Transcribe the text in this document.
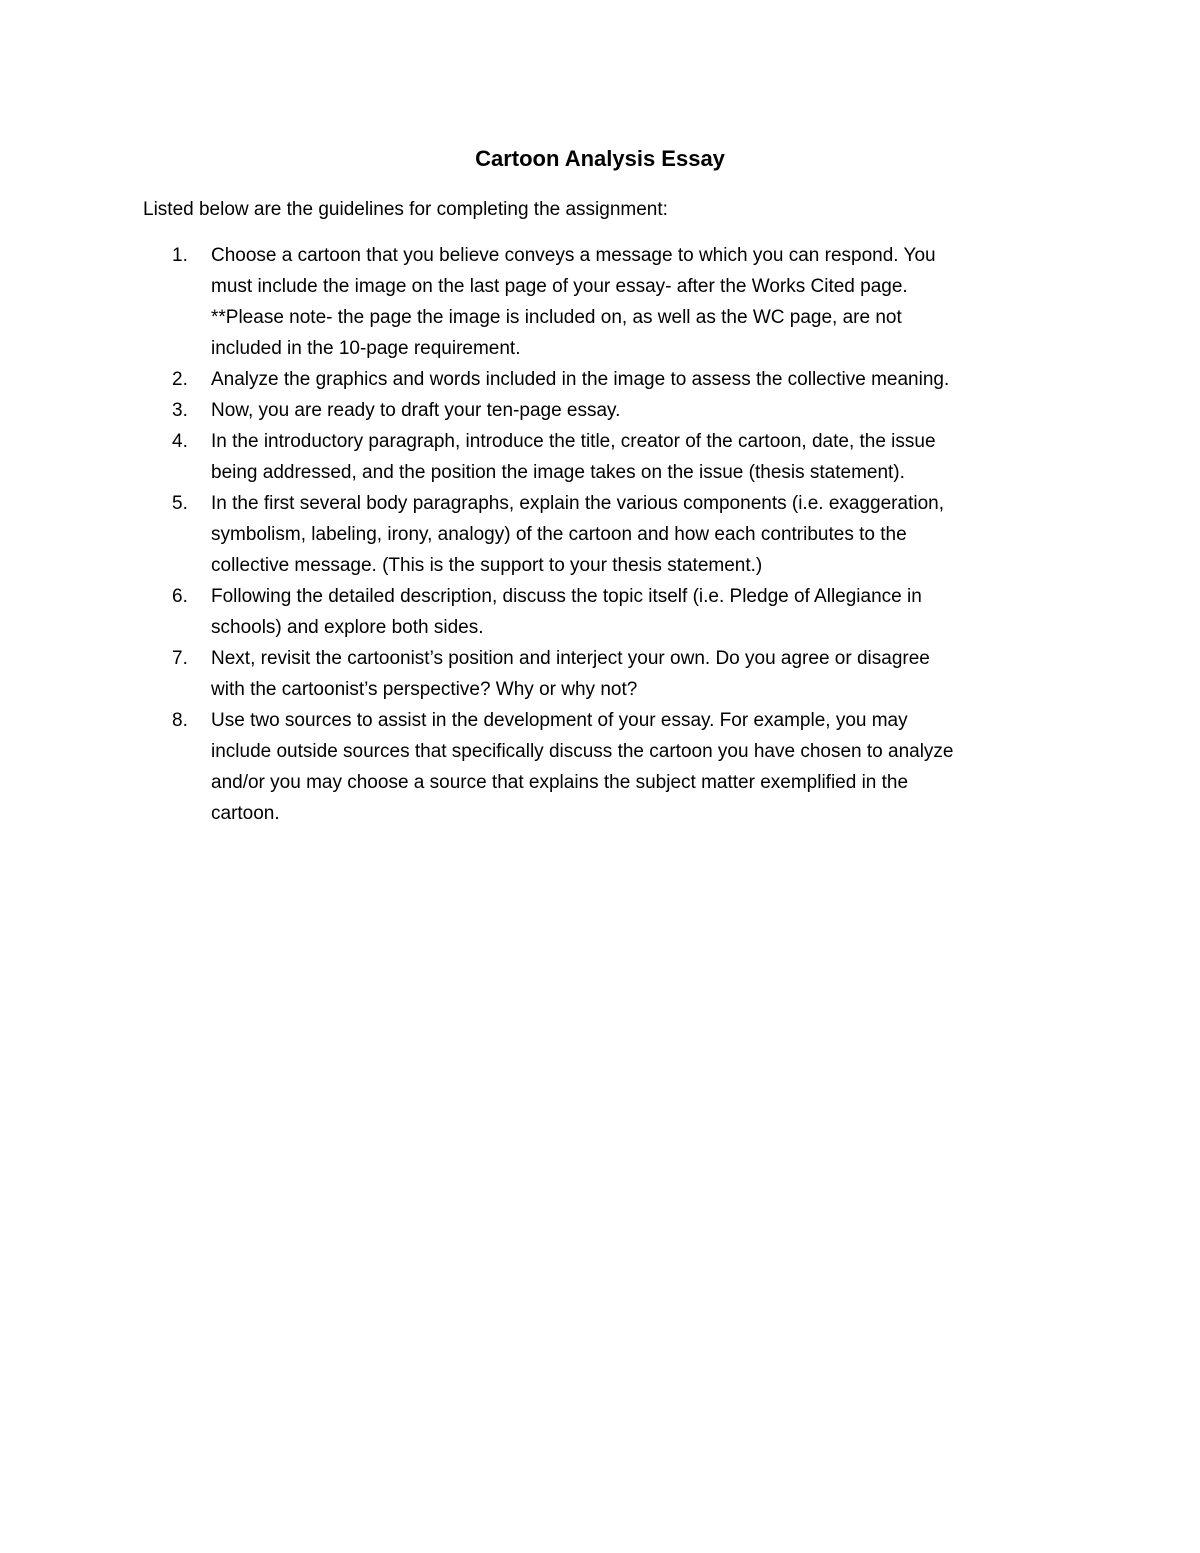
Cartoon Analysis Essay
Listed below are the guidelines for completing the assignment:
1. Choose a cartoon that you believe conveys a message to which you can respond. You
must include the image on the last page of your essay- after the Works Cited page.
**Please note- the page the image is included on, as well as the WC page, are not
included in the 10-page requirement.
2. Analyze the graphics and words included in the image to assess the collective meaning.
3. Now, you are ready to draft your ten-page essay.
4. In the introductory paragraph, introduce the title, creator of the cartoon, date, the issue
being addressed, and the position the image takes on the issue (thesis statement).
5. In the first several body paragraphs, explain the various components (i.e. exaggeration,
symbolism, labeling, irony, analogy) of the cartoon and how each contributes to the
collective message. (This is the support to your thesis statement.)
6. Following the detailed description, discuss the topic itself (i.e. Pledge of Allegiance in
schools) and explore both sides.
7. Next, revisit the cartoonist’s position and interject your own. Do you agree or disagree
with the cartoonist’s perspective? Why or why not?
8. Use two sources to assist in the development of your essay. For example, you may
include outside sources that specifically discuss the cartoon you have chosen to analyze
and/or you may choose a source that explains the subject matter exemplified in the
cartoon.
